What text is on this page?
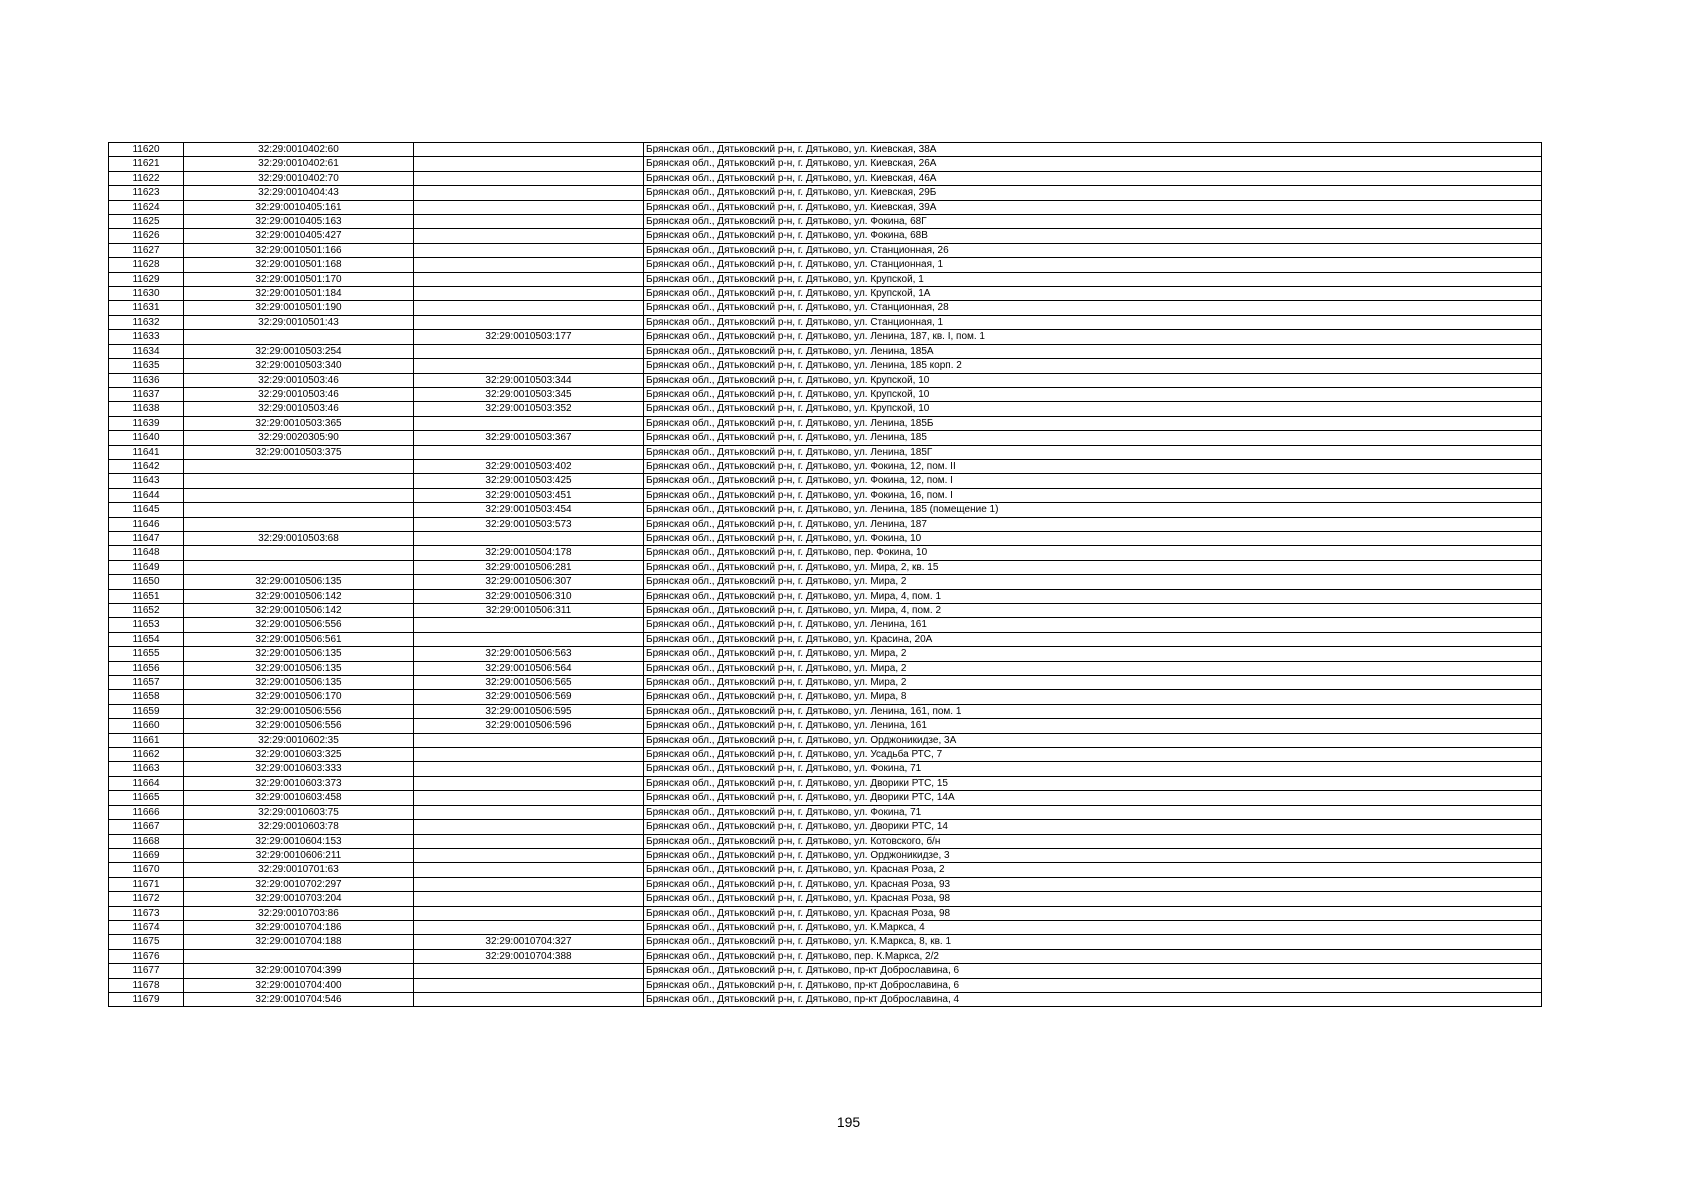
11620	32:29:0010402:60		Брянская обл., Дятьковский р-н, г. Дятьково, ул. Киевская, 38А
11621	32:29:0010402:61		Брянская обл., Дятьковский р-н, г. Дятьково, ул. Киевская, 26А
11622	32:29:0010402:70		Брянская обл., Дятьковский р-н, г. Дятьково, ул. Киевская, 46А
11623	32:29:0010404:43		Брянская обл., Дятьковский р-н, г. Дятьково, ул. Киевская, 29Б
11624	32:29:0010405:161		Брянская обл., Дятьковский р-н, г. Дятьково, ул. Киевская, 39А
11625	32:29:0010405:163		Брянская обл., Дятьковский р-н, г. Дятьково, ул. Фокина, 68Г
11626	32:29:0010405:427		Брянская обл., Дятьковский р-н, г. Дятьково, ул. Фокина, 68В
11627	32:29:0010501:166		Брянская обл., Дятьковский р-н, г. Дятьково, ул. Станционная, 26
11628	32:29:0010501:168		Брянская обл., Дятьковский р-н, г. Дятьково, ул. Станционная, 1
11629	32:29:0010501:170		Брянская обл., Дятьковский р-н, г. Дятьково, ул. Крупской, 1
11630	32:29:0010501:184		Брянская обл., Дятьковский р-н, г. Дятьково, ул. Крупской, 1А
11631	32:29:0010501:190		Брянская обл., Дятьковский р-н, г. Дятьково, ул. Станционная, 28
11632	32:29:0010501:43		Брянская обл., Дятьковский р-н, г. Дятьково, ул. Станционная, 1
11633		32:29:0010503:177	Брянская обл., Дятьковский р-н, г. Дятьково, ул. Ленина, 187, кв. I, пом. 1
11634	32:29:0010503:254		Брянская обл., Дятьковский р-н, г. Дятьково, ул. Ленина, 185А
11635	32:29:0010503:340		Брянская обл., Дятьковский р-н, г. Дятьково, ул. Ленина, 185 корп. 2
11636	32:29:0010503:46	32:29:0010503:344	Брянская обл., Дятьковский р-н, г. Дятьково, ул. Крупской, 10
11637	32:29:0010503:46	32:29:0010503:345	Брянская обл., Дятьковский р-н, г. Дятьково, ул. Крупской, 10
11638	32:29:0010503:46	32:29:0010503:352	Брянская обл., Дятьковский р-н, г. Дятьково, ул. Крупской, 10
11639	32:29:0010503:365		Брянская обл., Дятьковский р-н, г. Дятьково, ул. Ленина, 185Б
11640	32:29:0020305:90	32:29:0010503:367	Брянская обл., Дятьковский р-н, г. Дятьково, ул. Ленина, 185
11641	32:29:0010503:375		Брянская обл., Дятьковский р-н, г. Дятьково, ул. Ленина, 185Г
11642		32:29:0010503:402	Брянская обл., Дятьковский р-н, г. Дятьково, ул. Фокина, 12, пом. II
11643		32:29:0010503:425	Брянская обл., Дятьковский р-н, г. Дятьково, ул. Фокина, 12, пом. I
11644		32:29:0010503:451	Брянская обл., Дятьковский р-н, г. Дятьково, ул. Фокина, 16, пом. I
11645		32:29:0010503:454	Брянская обл., Дятьковский р-н, г. Дятьково, ул. Ленина, 185 (помещение 1)
11646		32:29:0010503:573	Брянская обл., Дятьковский р-н, г. Дятьково, ул. Ленина, 187
11647	32:29:0010503:68		Брянская обл., Дятьковский р-н, г. Дятьково, ул. Фокина, 10
11648		32:29:0010504:178	Брянская обл., Дятьковский р-н, г. Дятьково, пер. Фокина, 10
11649		32:29:0010506:281	Брянская обл., Дятьковский р-н, г. Дятьково, ул. Мира, 2, кв. 15
11650	32:29:0010506:135	32:29:0010506:307	Брянская обл., Дятьковский р-н, г. Дятьково, ул. Мира, 2
11651	32:29:0010506:142	32:29:0010506:310	Брянская обл., Дятьковский р-н, г. Дятьково, ул. Мира, 4, пом. 1
11652	32:29:0010506:142	32:29:0010506:311	Брянская обл., Дятьковский р-н, г. Дятьково, ул. Мира, 4, пом. 2
11653	32:29:0010506:556		Брянская обл., Дятьковский р-н, г. Дятьково, ул. Ленина, 161
11654	32:29:0010506:561		Брянская обл., Дятьковский р-н, г. Дятьково, ул. Красина, 20А
11655	32:29:0010506:135	32:29:0010506:563	Брянская обл., Дятьковский р-н, г. Дятьково, ул. Мира, 2
11656	32:29:0010506:135	32:29:0010506:564	Брянская обл., Дятьковский р-н, г. Дятьково, ул. Мира, 2
11657	32:29:0010506:135	32:29:0010506:565	Брянская обл., Дятьковский р-н, г. Дятьково, ул. Мира, 2
11658	32:29:0010506:170	32:29:0010506:569	Брянская обл., Дятьковский р-н, г. Дятьково, ул. Мира, 8
11659	32:29:0010506:556	32:29:0010506:595	Брянская обл., Дятьковский р-н, г. Дятьково, ул. Ленина, 161, пом. 1
11660	32:29:0010506:556	32:29:0010506:596	Брянская обл., Дятьковский р-н, г. Дятьково, ул. Ленина, 161
11661	32:29:0010602:35		Брянская обл., Дятьковский р-н, г. Дятьково, ул. Орджоникидзе, 3А
11662	32:29:0010603:325		Брянская обл., Дятьковский р-н, г. Дятьково, ул. Усадьба РТС, 7
11663	32:29:0010603:333		Брянская обл., Дятьковский р-н, г. Дятьково, ул. Фокина, 71
11664	32:29:0010603:373		Брянская обл., Дятьковский р-н, г. Дятьково, ул. Дворики РТС, 15
11665	32:29:0010603:458		Брянская обл., Дятьковский р-н, г. Дятьково, ул. Дворики РТС, 14А
11666	32:29:0010603:75		Брянская обл., Дятьковский р-н, г. Дятьково, ул. Фокина, 71
11667	32:29:0010603:78		Брянская обл., Дятьковский р-н, г. Дятьково, ул. Дворики РТС, 14
11668	32:29:0010604:153		Брянская обл., Дятьковский р-н, г. Дятьково, ул. Котовского, б/н
11669	32:29:0010606:211		Брянская обл., Дятьковский р-н, г. Дятьково, ул. Орджоникидзе, 3
11670	32:29:0010701:63		Брянская обл., Дятьковский р-н, г. Дятьково, ул. Красная Роза, 2
11671	32:29:0010702:297		Брянская обл., Дятьковский р-н, г. Дятьково, ул. Красная Роза, 93
11672	32:29:0010703:204		Брянская обл., Дятьковский р-н, г. Дятьково, ул. Красная Роза, 98
11673	32:29:0010703:86		Брянская обл., Дятьковский р-н, г. Дятьково, ул. Красная Роза, 98
11674	32:29:0010704:186		Брянская обл., Дятьковский р-н, г. Дятьково, ул. К.Маркса, 4
11675	32:29:0010704:188	32:29:0010704:327	Брянская обл., Дятьковский р-н, г. Дятьково, ул. К.Маркса, 8, кв. 1
11676		32:29:0010704:388	Брянская обл., Дятьковский р-н, г. Дятьково, пер. К.Маркса, 2/2
11677	32:29:0010704:399		Брянская обл., Дятьковский р-н, г. Дятьково, пр-кт Доброславина, 6
11678	32:29:0010704:400		Брянская обл., Дятьковский р-н, г. Дятьково, пр-кт Доброславина, 6
11679	32:29:0010704:546		Брянская обл., Дятьковский р-н, г. Дятьково, пр-кт Доброславина, 4
195
